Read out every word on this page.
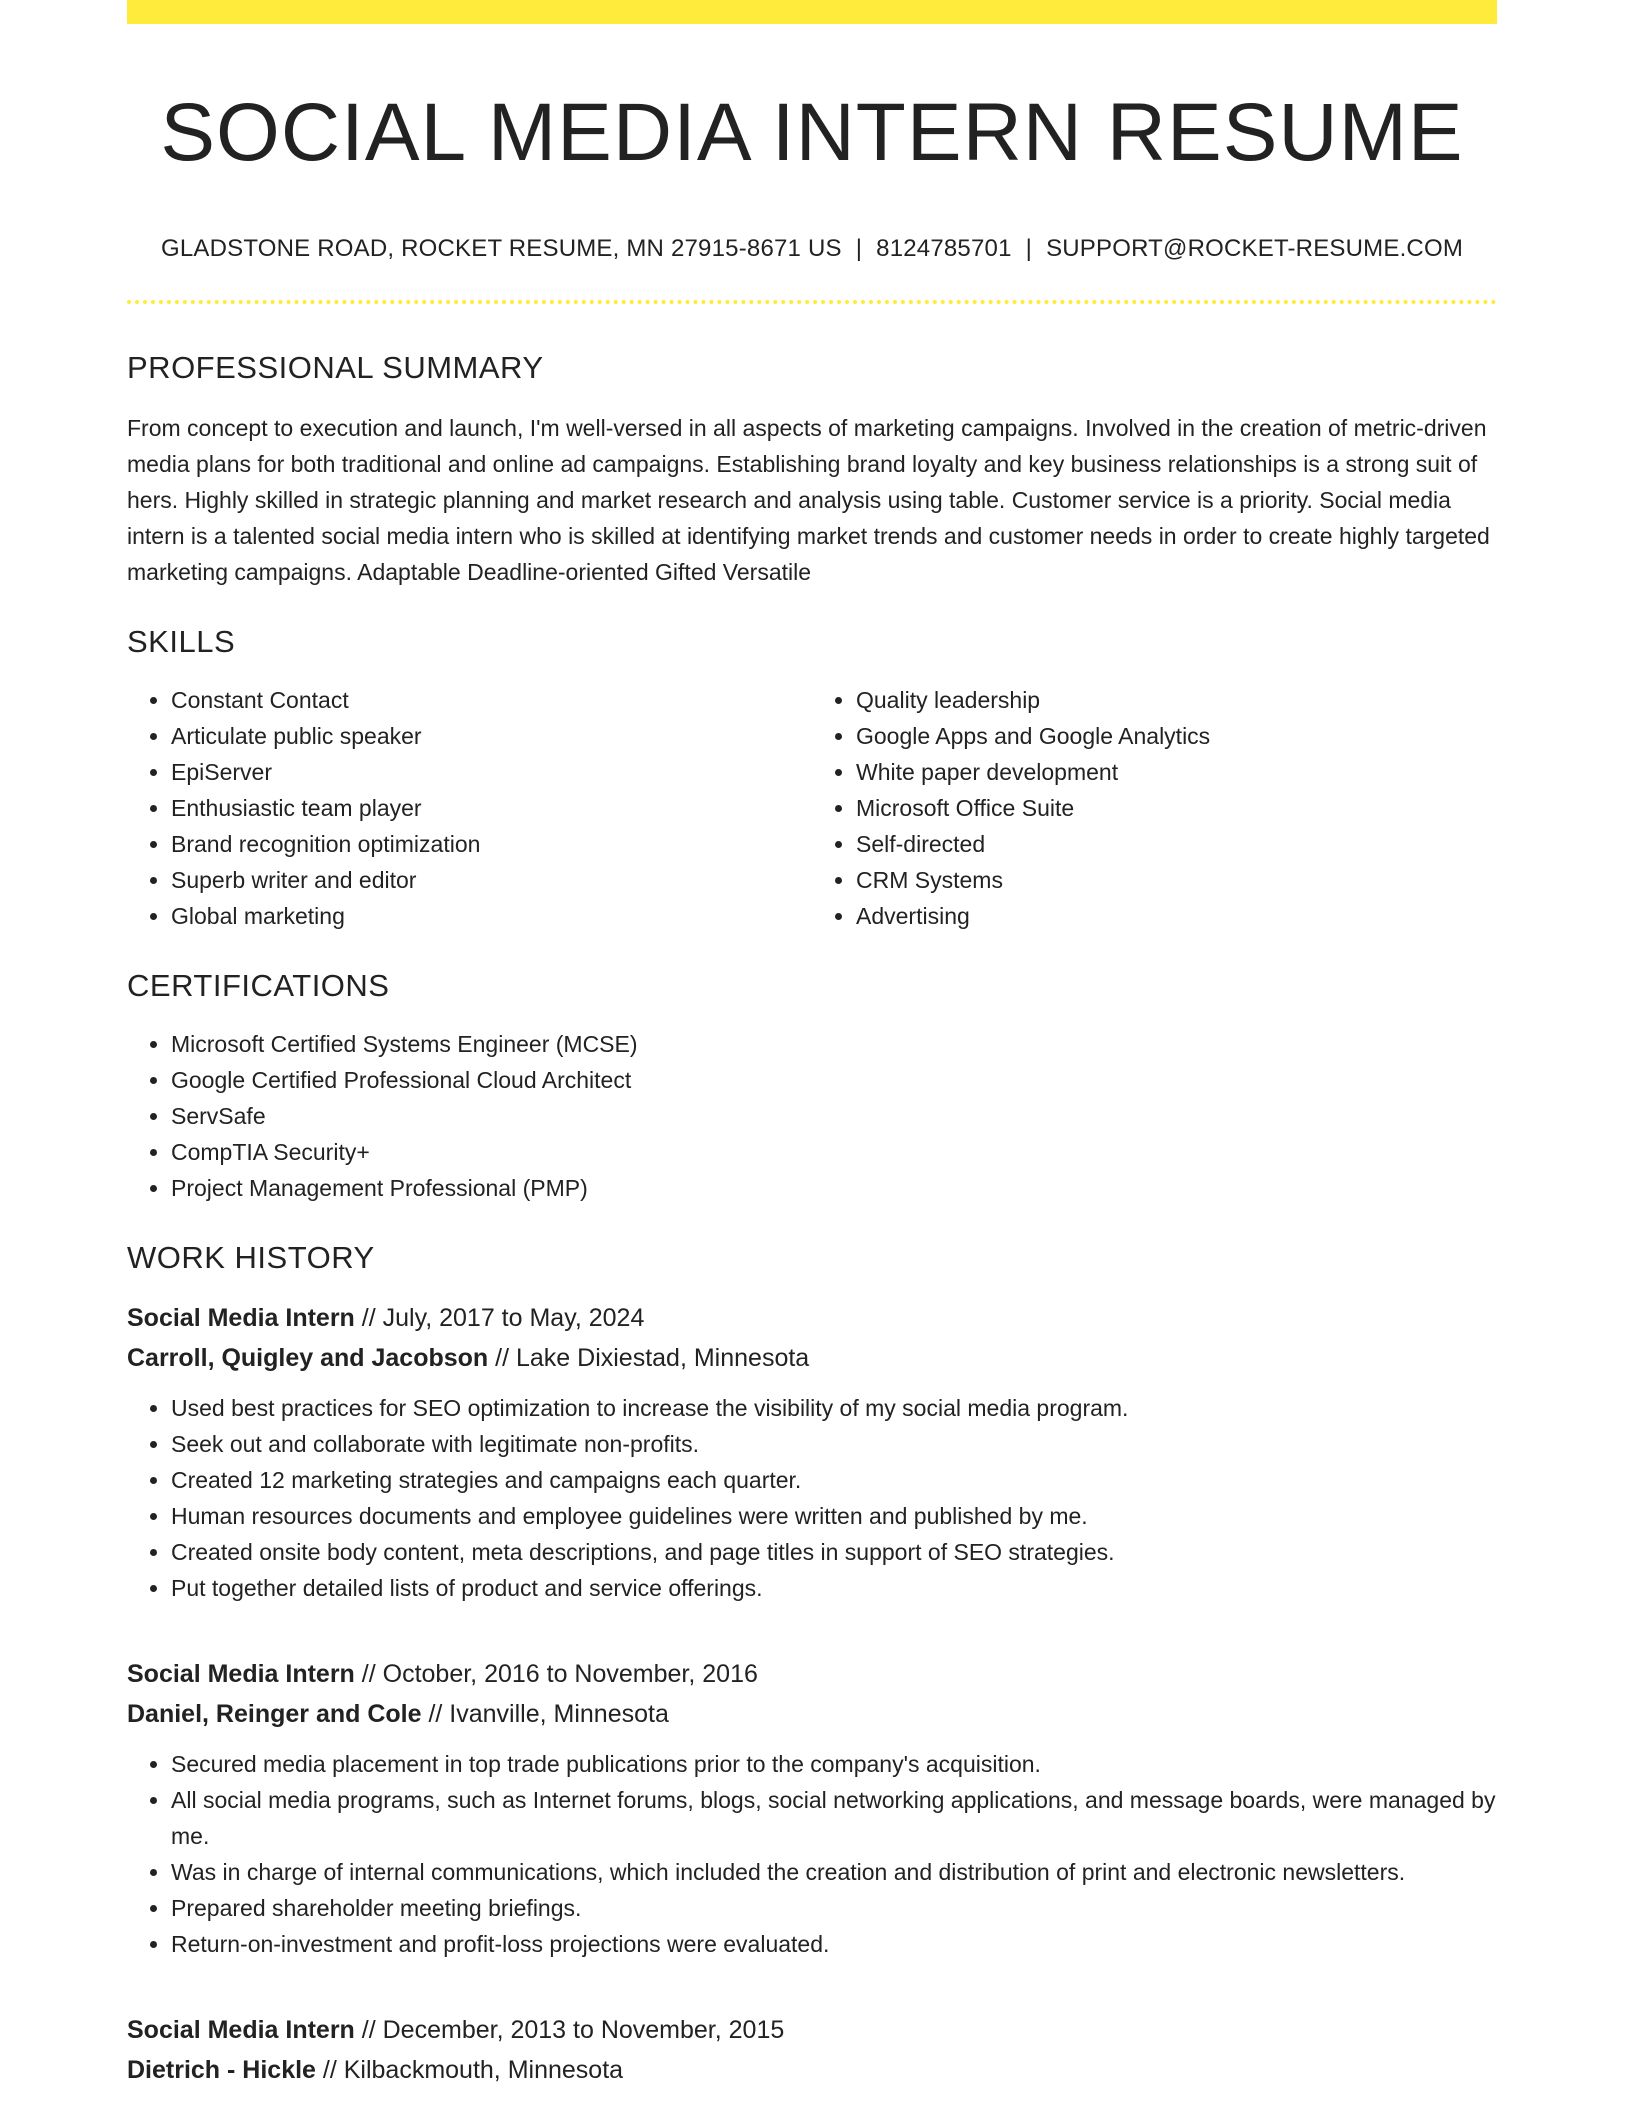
SOCIAL MEDIA INTERN RESUME
GLADSTONE ROAD, ROCKET RESUME, MN 27915-8671 US | 8124785701 | SUPPORT@ROCKET-RESUME.COM
PROFESSIONAL SUMMARY

From concept to execution and launch, I'm well-versed in all aspects of marketing campaigns. Involved in the creation of metric-driven media plans for both traditional and online ad campaigns. Establishing brand loyalty and key business relationships is a strong suit of hers. Highly skilled in strategic planning and market research and analysis using table. Customer service is a priority. Social media intern is a talented social media intern who is skilled at identifying market trends and customer needs in order to create highly targeted marketing campaigns. Adaptable Deadline-oriented Gifted Versatile

SKILLS
• Constant Contact
• Articulate public speaker
• EpiServer
• Enthusiastic team player
• Brand recognition optimization
• Superb writer and editor
• Global marketing
• Quality leadership
• Google Apps and Google Analytics
• White paper development
• Microsoft Office Suite
• Self-directed
• CRM Systems
• Advertising
CERTIFICATIONS
• Microsoft Certified Systems Engineer (MCSE)
• Google Certified Professional Cloud Architect
• ServSafe
• CompTIA Security+
• Project Management Professional (PMP)
WORK HISTORY
Social Media Intern // July, 2017 to May, 2024
Carroll, Quigley and Jacobson // Lake Dixiestad, Minnesota
• Used best practices for SEO optimization to increase the visibility of my social media program.
• Seek out and collaborate with legitimate non-profits.
• Created 12 marketing strategies and campaigns each quarter.
• Human resources documents and employee guidelines were written and published by me.
• Created onsite body content, meta descriptions, and page titles in support of SEO strategies.
• Put together detailed lists of product and service offerings.
Social Media Intern // October, 2016 to November, 2016
Daniel, Reinger and Cole // Ivanville, Minnesota
• Secured media placement in top trade publications prior to the company's acquisition.
• All social media programs, such as Internet forums, blogs, social networking applications, and message boards, were managed by me.
• Was in charge of internal communications, which included the creation and distribution of print and electronic newsletters.
• Prepared shareholder meeting briefings.
• Return-on-investment and profit-loss projections were evaluated.
Social Media Intern // December, 2013 to November, 2015
Dietrich - Hickle // Kilbackmouth, Minnesota
